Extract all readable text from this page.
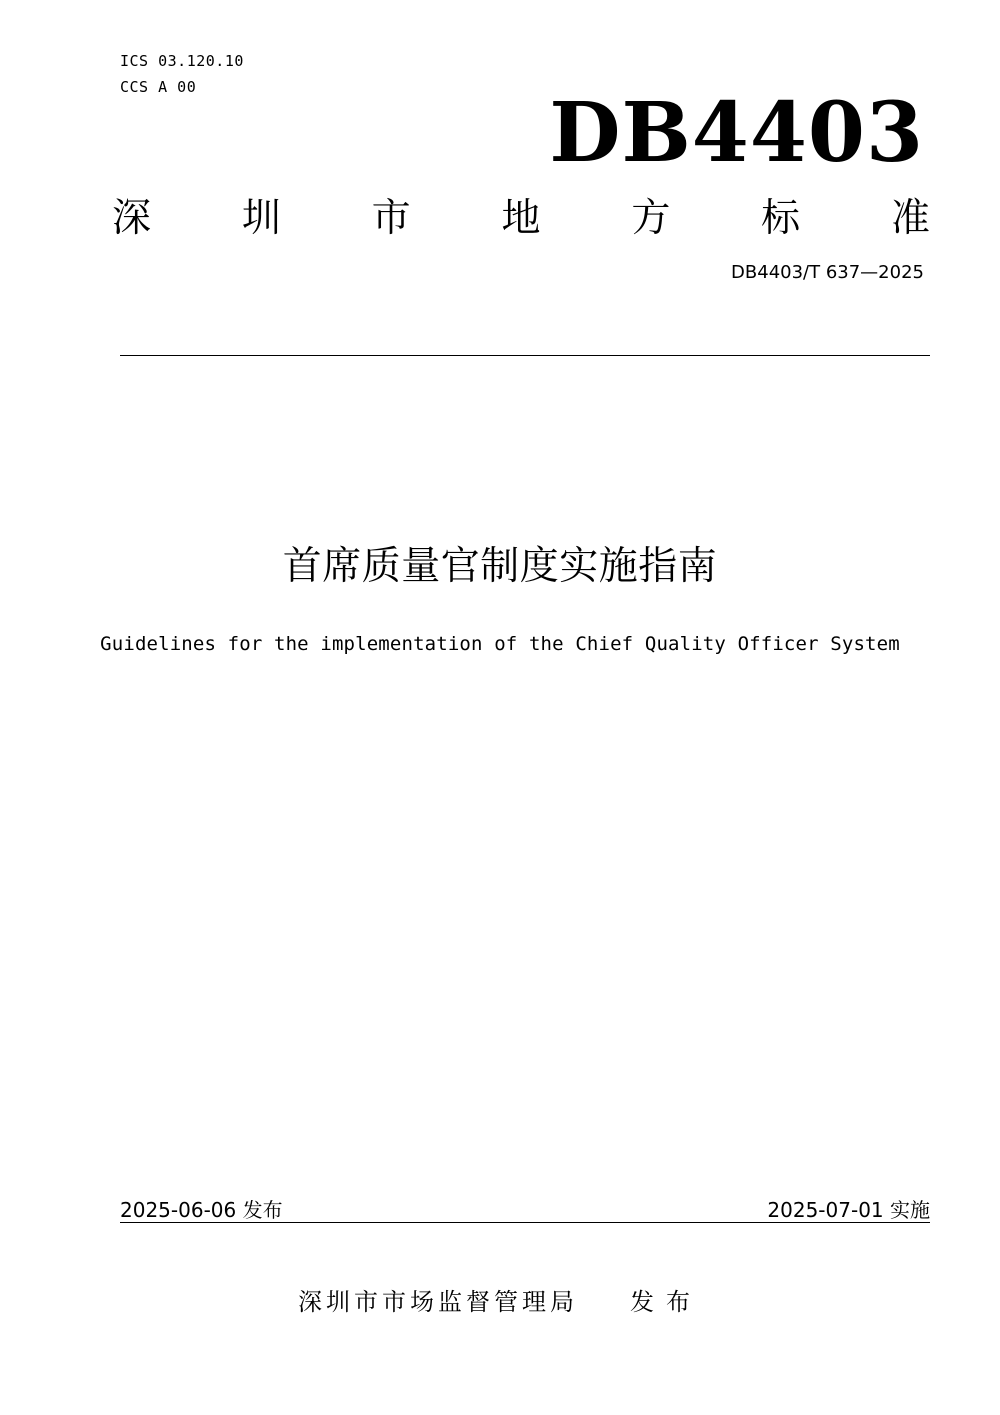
ICS 03.120.10
CCS A 00	DB4403
深 圳 市 地 方 标 准
DB4403/T 637—2025
首席质量官制度实施指南
Guidelines for the implementation of the Chief Quality Officer System
2025-06-06 发布	2025-07-01 实施
深圳市市场监督管理局 发布
